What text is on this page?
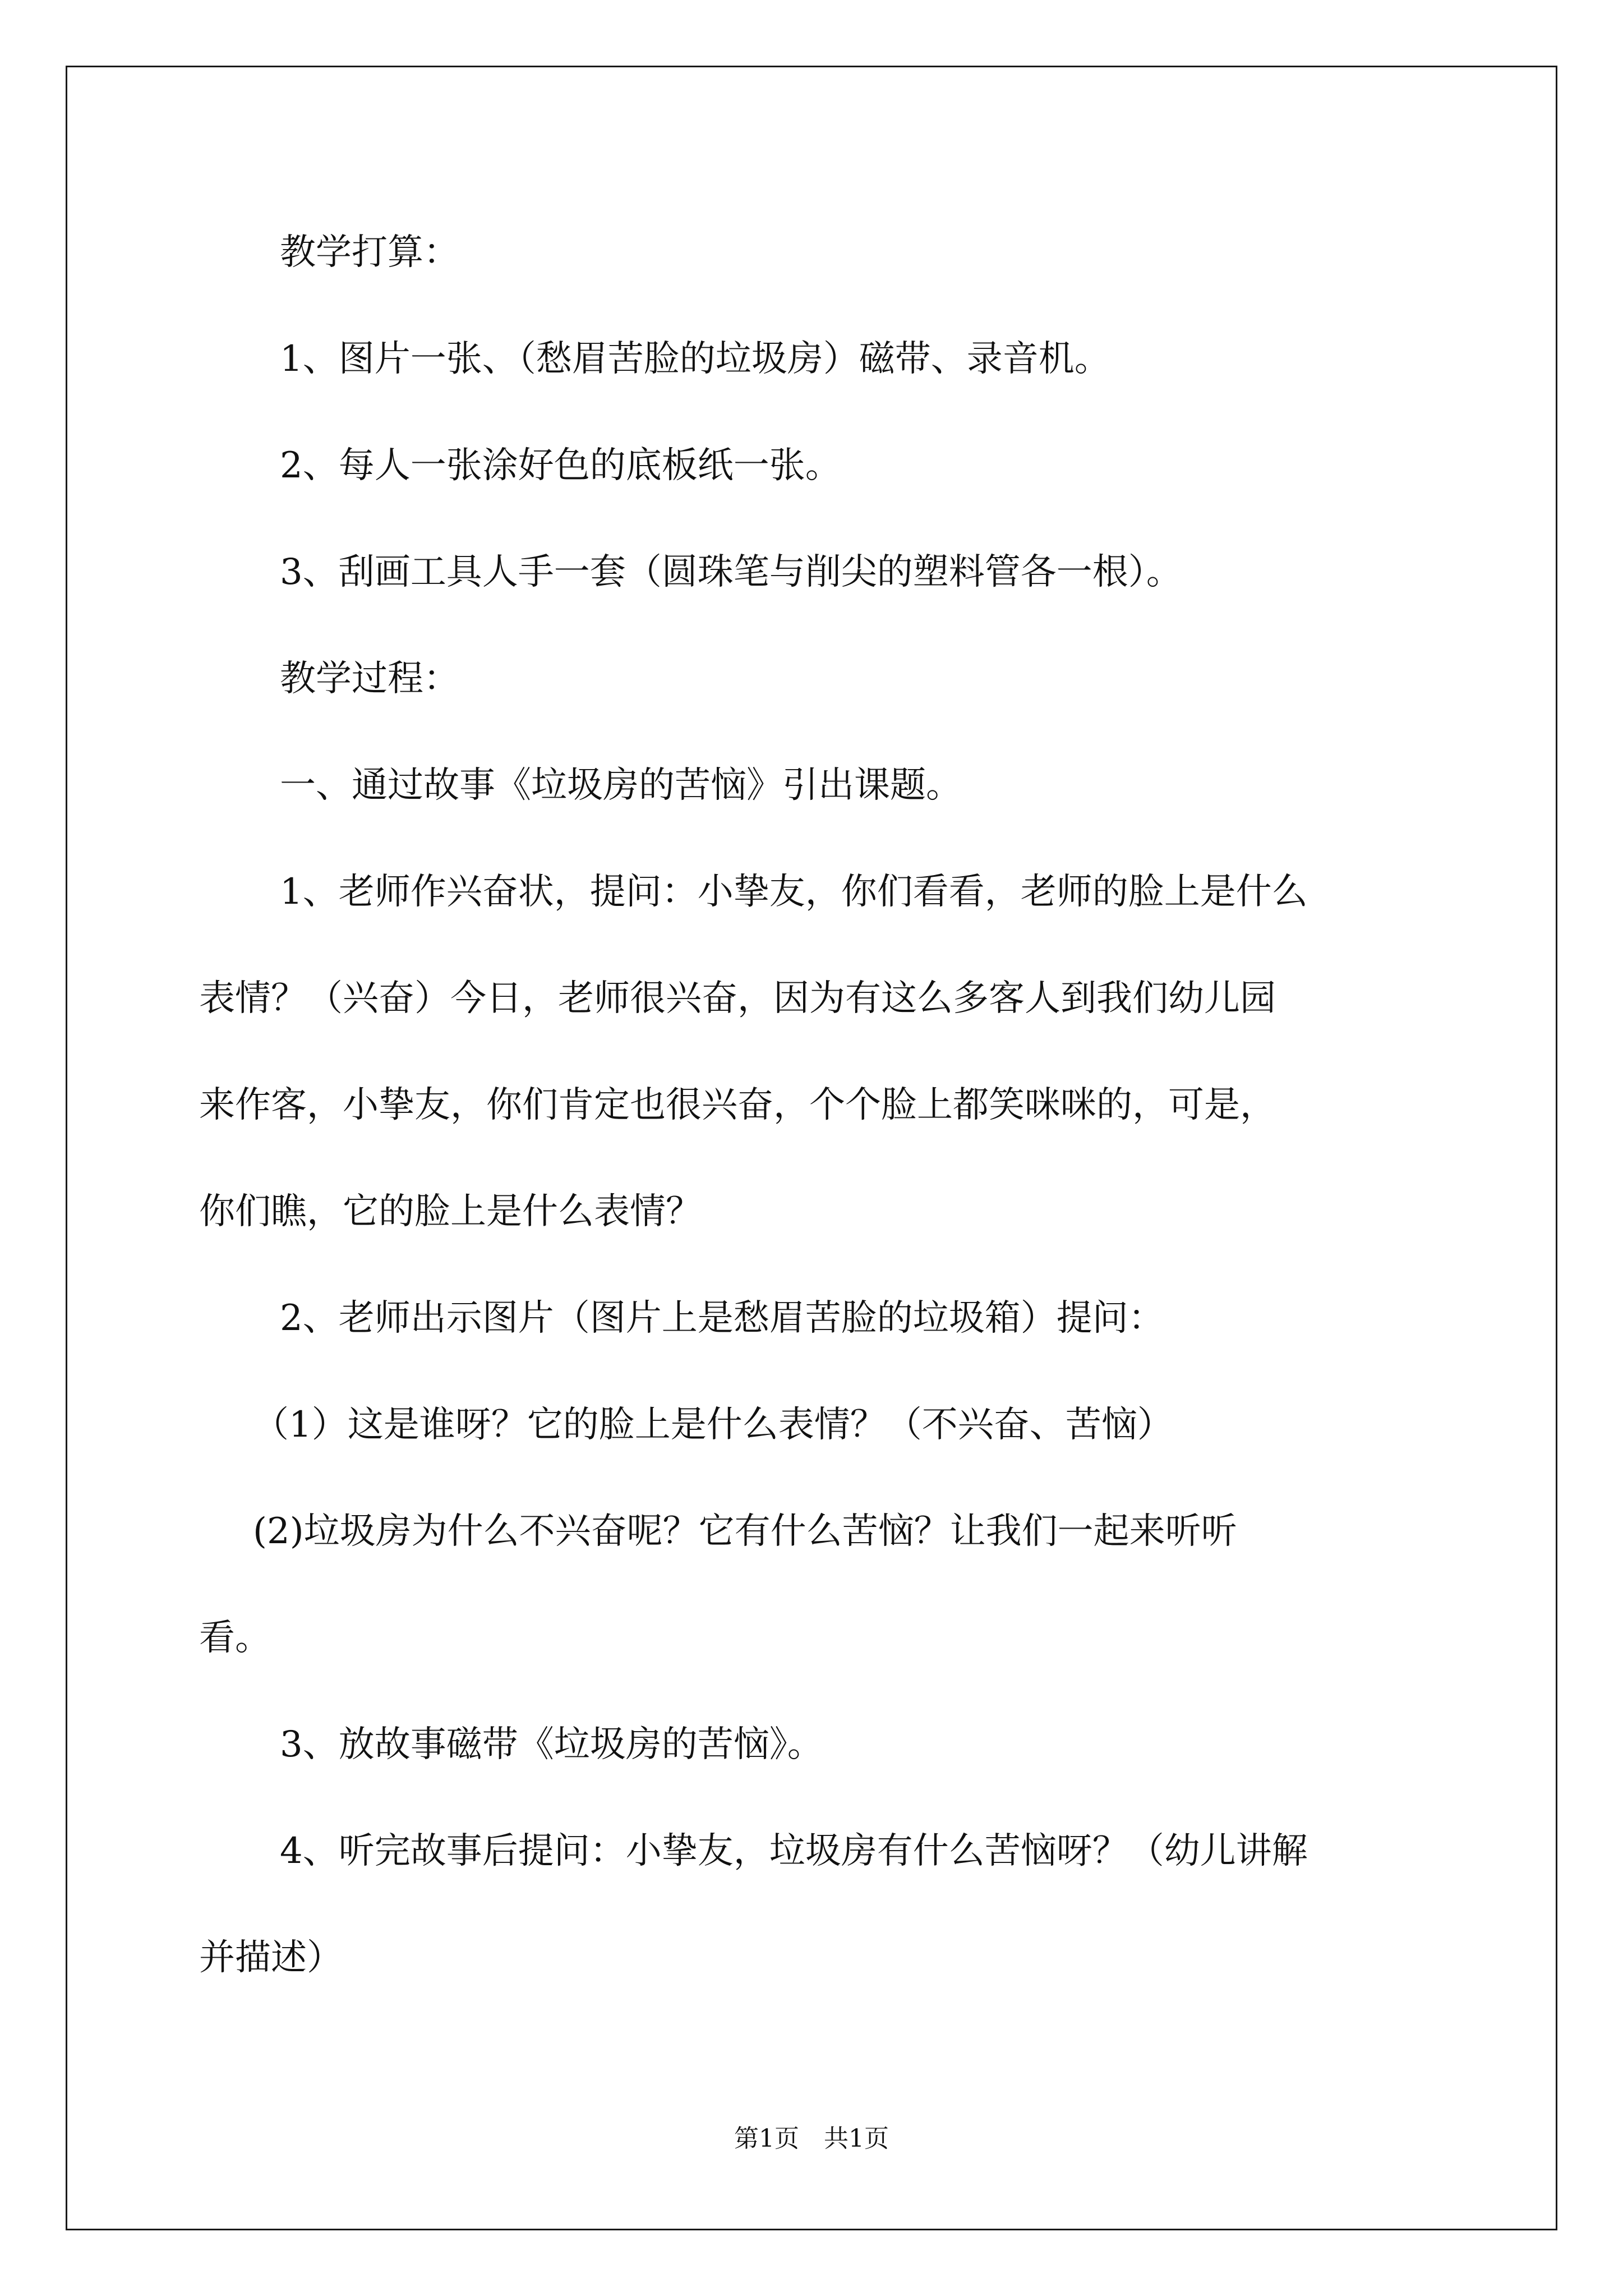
教学打算：
1、图片一张、（愁眉苦脸的垃圾房）磁带、录音机。
2、每人一张涂好色的底板纸一张。
3、刮画工具人手一套（圆珠笔与削尖的塑料管各一根）。
教学过程：
一、通过故事《垃圾房的苦恼》引出课题。
1、老师作兴奋状，提问：小挚友，你们看看，老师的脸上是什么
表情？（兴奋）今日，老师很兴奋，因为有这么多客人到我们幼儿园
来作客，小挚友，你们肯定也很兴奋，个个脸上都笑咪咪的，可是，
你们瞧，它的脸上是什么表情？
2、老师出示图片（图片上是愁眉苦脸的垃圾箱）提问：
（1）这是谁呀？它的脸上是什么表情？（不兴奋、苦恼）
(2)垃圾房为什么不兴奋呢？它有什么苦恼？让我们一起来听听
看。
3、放故事磁带《垃圾房的苦恼》。
4、听完故事后提问：小挚友，垃圾房有什么苦恼呀？（幼儿讲解
并描述）
第1页　共1页
